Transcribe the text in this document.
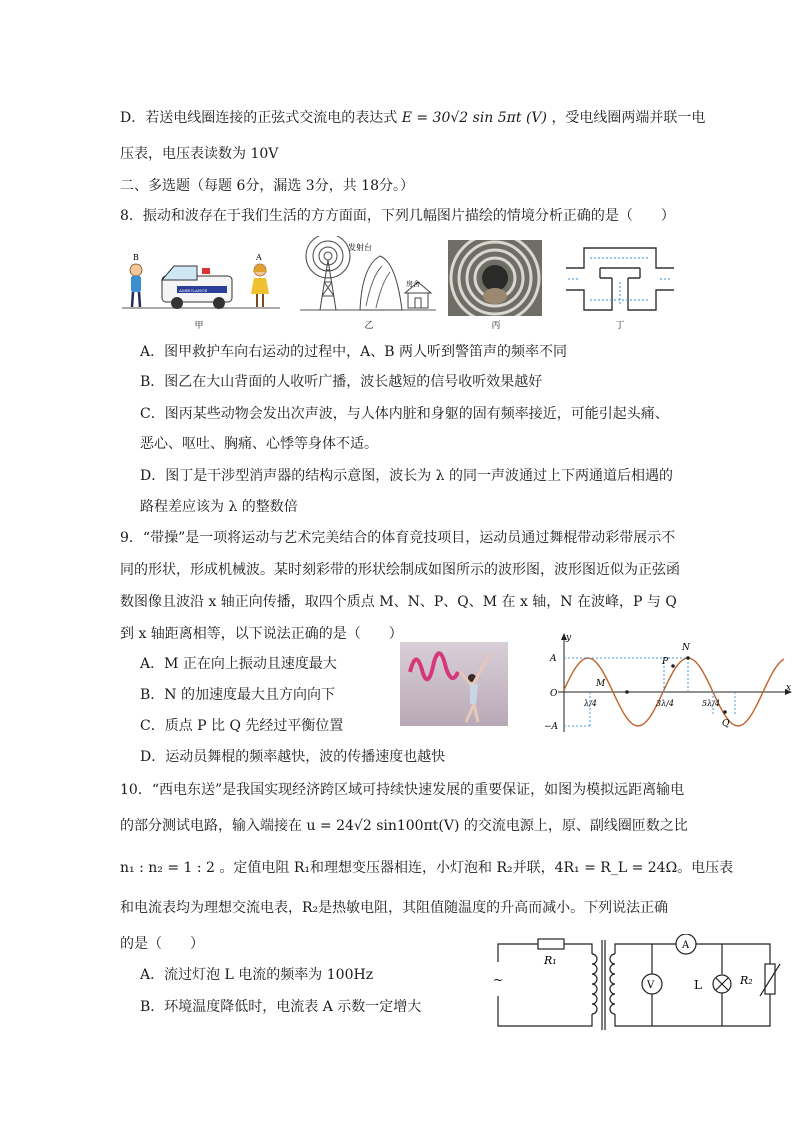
D．若送电线圈连接的正弦式交流电的表达式 E = 30√2 sin 5πt (V) ，受电线圈两端并联一电
压表，电压表读数为 10V
二、多选题（每题 6分，漏选 3分，共 18分。）
8．振动和波存在于我们生活的方方面面，下列几幅图片描绘的情境分析正确的是（　　）
B	A
AMBULANCE
发射台
房舍
甲	乙	丙	丁
A．图甲救护车向右运动的过程中，A、B 两人听到警笛声的频率不同
B．图乙在大山背面的人收听广播，波长越短的信号收听效果越好
C．图丙某些动物会发出次声波，与人体内脏和身躯的固有频率接近，可能引起头痛、
恶心、呕吐、胸痛、心悸等身体不适。
D．图丁是干涉型消声器的结构示意图，波长为 λ 的同一声波通过上下两通道后相遇的
路程差应该为 λ 的整数倍
9．“带操”是一项将运动与艺术完美结合的体育竞技项目，运动员通过舞棍带动彩带展示不
同的形状，形成机械波。某时刻彩带的形状绘制成如图所示的波形图，波形图近似为正弦函
数图像且波沿 x 轴正向传播，取四个质点 M、N、P、Q、M 在 x 轴，N 在波峰，P 与 Q
到 x 轴距离相等，以下说法正确的是（　　）
A．M 正在向上振动且速度最大
B．N 的加速度最大且方向向下
C．质点 P 比 Q 先经过平衡位置
D．运动员舞棍的频率越快，波的传播速度也越快
y
x
A
−A
O
M
N
P
Q
λ/4	3λ/4	5λ/4
10．“西电东送”是我国实现经济跨区域可持续快速发展的重要保证，如图为模拟远距离输电
的部分测试电路，输入端接在 u = 24√2 sin100πt(V) 的交流电源上，原、副线圈匝数之比
n₁ : n₂ = 1 : 2 。定值电阻 R₁和理想变压器相连，小灯泡和 R₂并联，4R₁ = R_L = 24Ω。电压表
和电流表均为理想交流电表，R₂是热敏电阻，其阻值随温度的升高而减小。下列说法正确
的是（　　）
A．流过灯泡 L 电流的频率为 100Hz
B．环境温度降低时，电流表 A 示数一定增大
~
R₁
A
V	L	R₂
